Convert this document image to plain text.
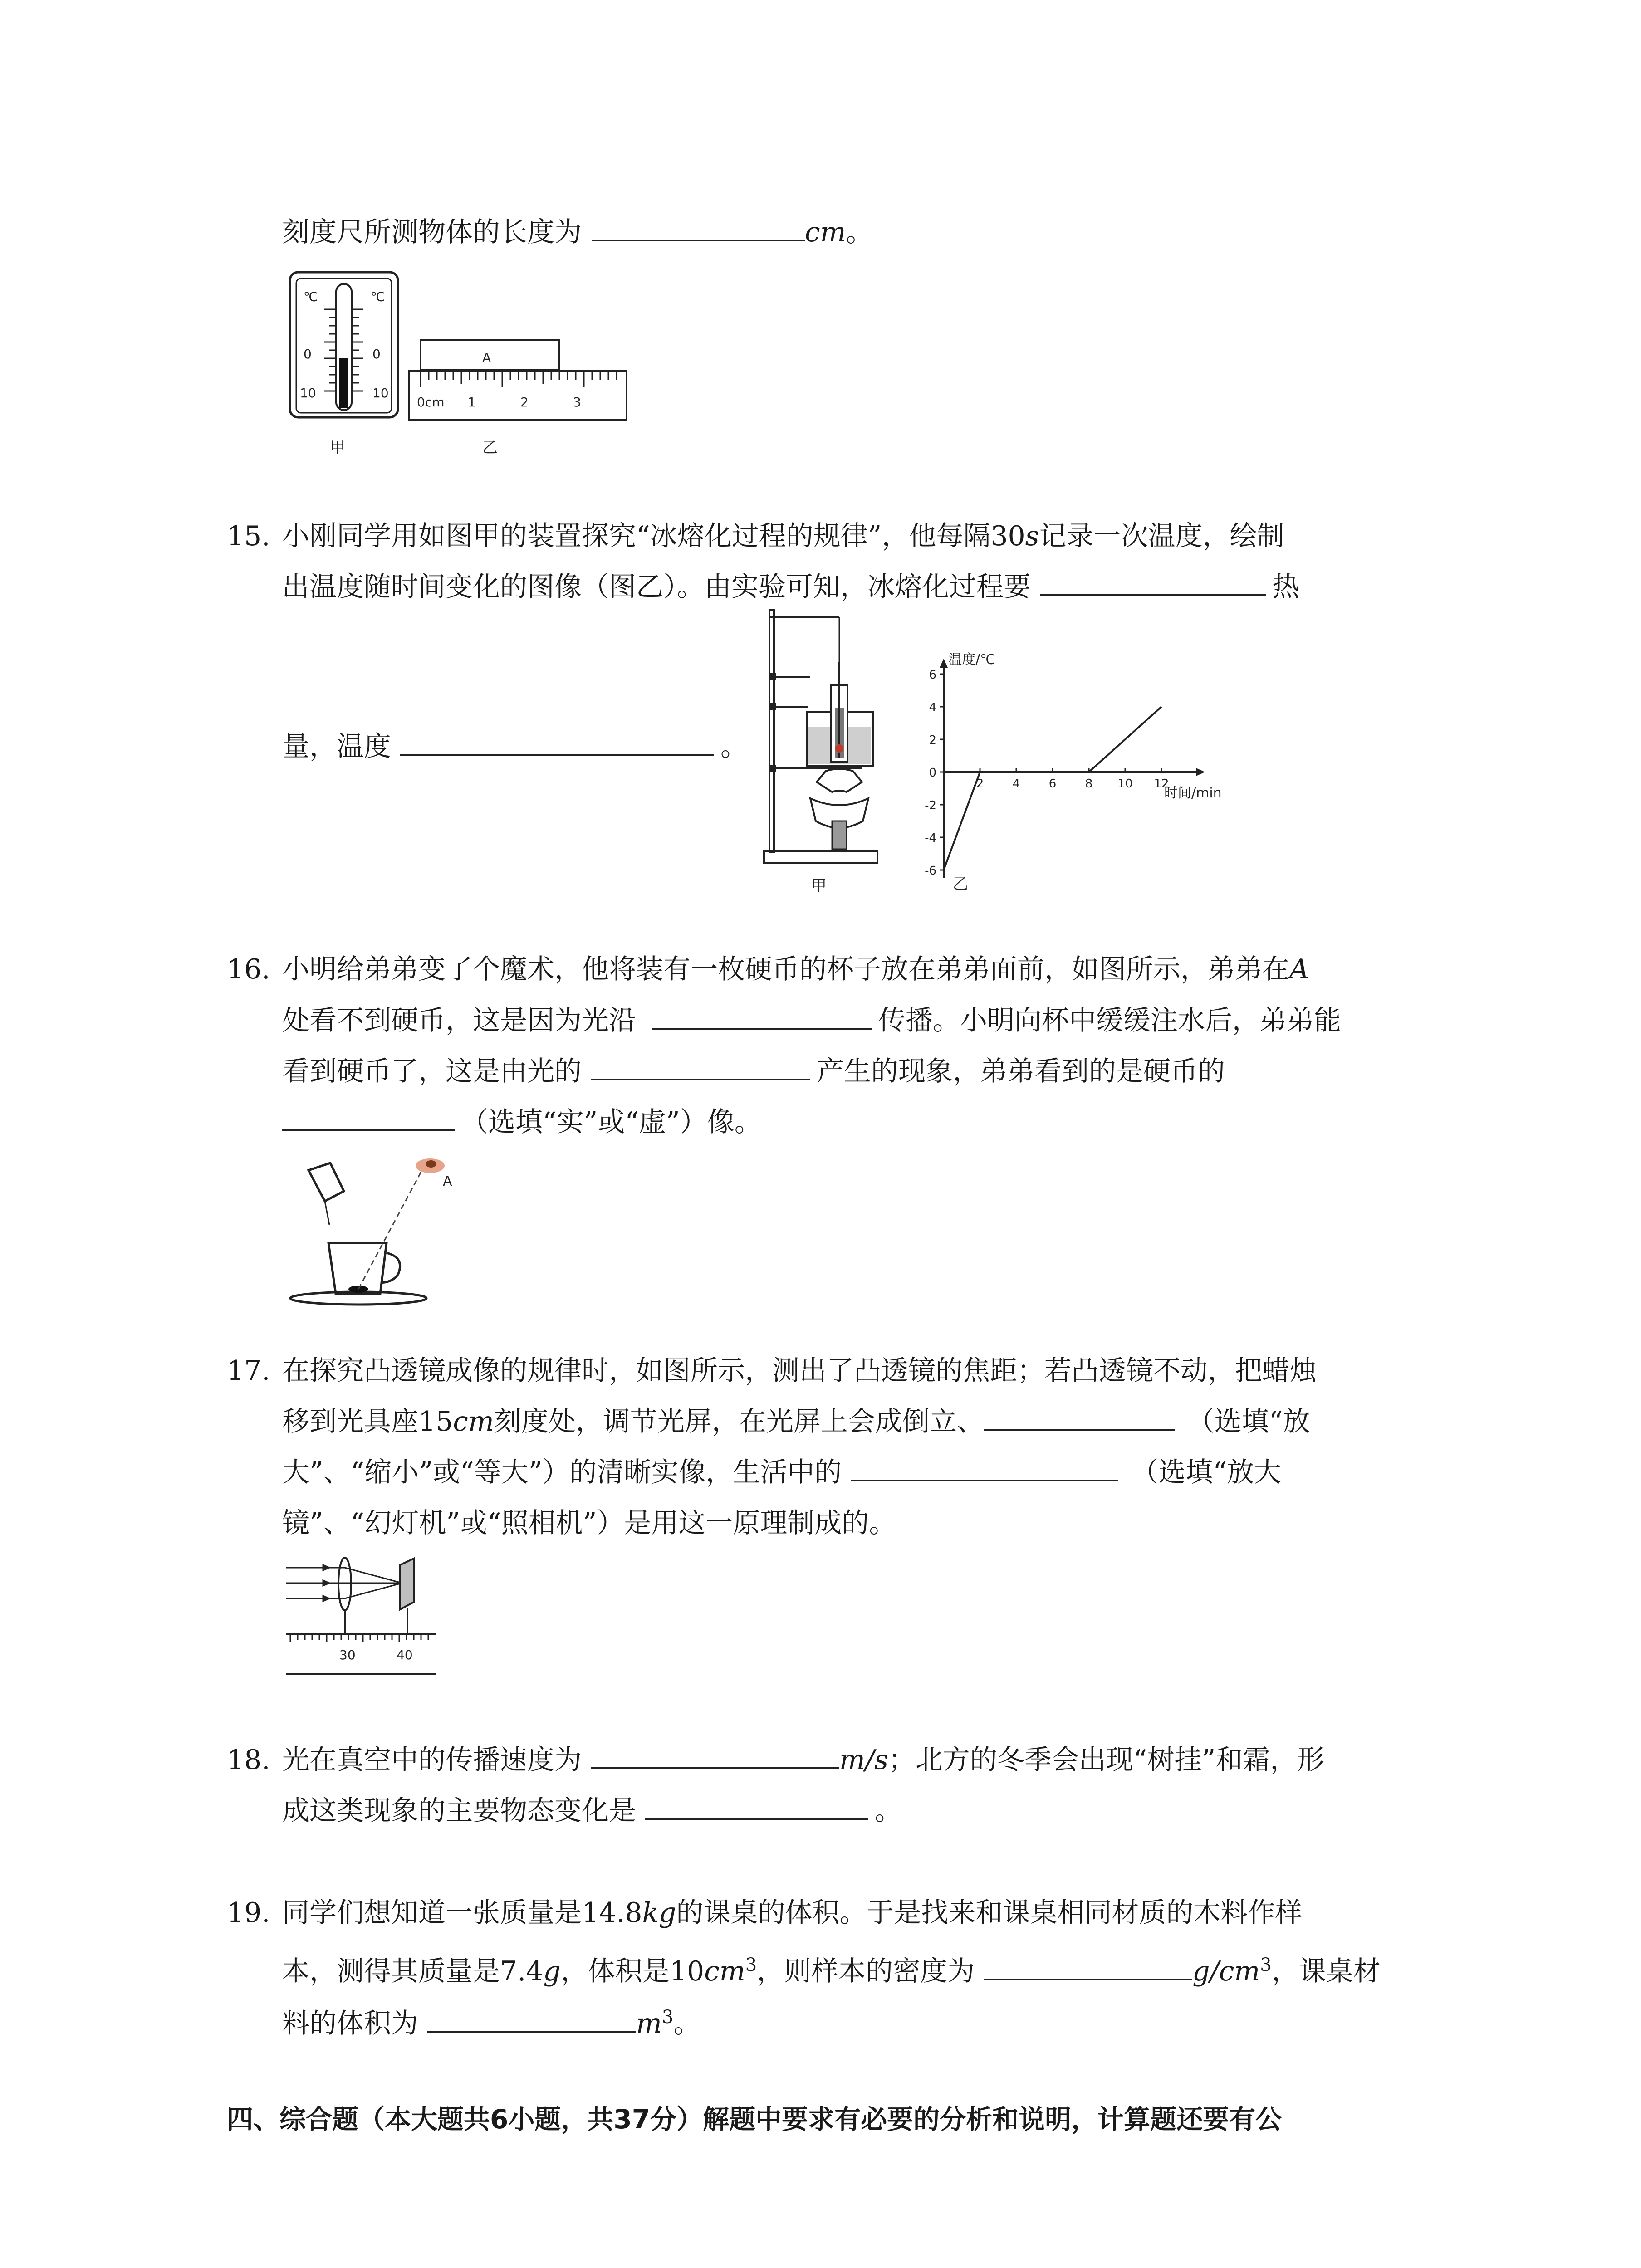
刻度尺所测物体的长度为	cm。
℃	℃
0	0
10	10
A
0cm 1	2	3
甲	乙
15. 小刚同学用如图甲的装置探究“冰熔化过程的规律”，他每隔30s记录一次温度，绘制
出温度随时间变化的图像（图乙）。由实验可知，冰熔化过程要	热
量，温度	。
甲
温度/℃
时间/min
6
4
2
0
-2
-4
-6
2 4 6 8 10 12
乙
16. 小明给弟弟变了个魔术，他将装有一枚硬币的杯子放在弟弟面前，如图所示，弟弟在A
处看不到硬币，这是因为光沿	传播。小明向杯中缓缓注水后，弟弟能
看到硬币了，这是由光的	产生的现象，弟弟看到的是硬币的
（选填“实”或“虚”）像。
A
17. 在探究凸透镜成像的规律时，如图所示，测出了凸透镜的焦距；若凸透镜不动，把蜡烛
移到光具座15cm刻度处，调节光屏，在光屏上会成倒立、	（选填“放
大”、“缩小”或“等大”）的清晰实像，生活中的	（选填“放大
镜”、“幻灯机”或“照相机”）是用这一原理制成的。
30	40
18. 光在真空中的传播速度为	m/s；北方的冬季会出现“树挂”和霜，形
成这类现象的主要物态变化是	。
19. 同学们想知道一张质量是14.8kg的课桌的体积。于是找来和课桌相同材质的木料作样
本，测得其质量是7.4g，体积是$10cm^3$，则样本的密度为	$g/cm^3$，课桌材
料的体积为	$m^3$。
四、综合题（本大题共6小题，共37分）解题中要求有必要的分析和说明，计算题还要有公
